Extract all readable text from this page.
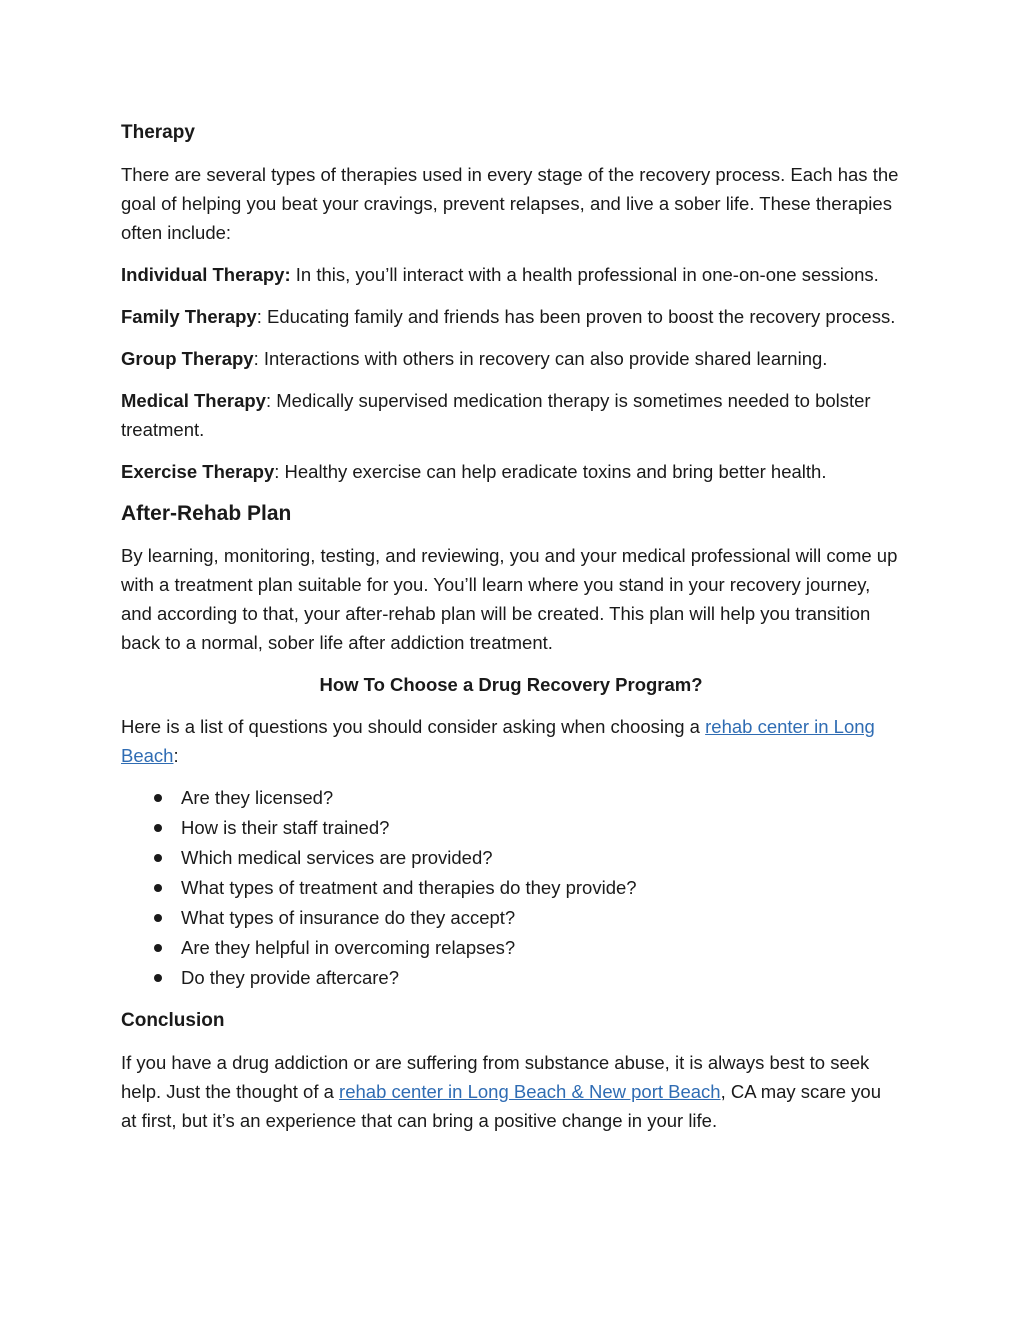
Therapy

There are several types of therapies used in every stage of the recovery process. Each has the goal of helping you beat your cravings, prevent relapses, and live a sober life. These therapies often include:

Individual Therapy: In this, you’ll interact with a health professional in one-on-one sessions.

Family Therapy: Educating family and friends has been proven to boost the recovery process.

Group Therapy: Interactions with others in recovery can also provide shared learning.

Medical Therapy: Medically supervised medication therapy is sometimes needed to bolster treatment.

Exercise Therapy: Healthy exercise can help eradicate toxins and bring better health.

After-Rehab Plan

By learning, monitoring, testing, and reviewing, you and your medical professional will come up with a treatment plan suitable for you. You’ll learn where you stand in your recovery journey, and according to that, your after-rehab plan will be created. This plan will help you transition back to a normal, sober life after addiction treatment.

How To Choose a Drug Recovery Program?

Here is a list of questions you should consider asking when choosing a rehab center in Long Beach:

Are they licensed?
How is their staff trained?
Which medical services are provided?
What types of treatment and therapies do they provide?
What types of insurance do they accept?
Are they helpful in overcoming relapses?
Do they provide aftercare?
Conclusion

If you have a drug addiction or are suffering from substance abuse, it is always best to seek help. Just the thought of a rehab center in Long Beach & New port Beach, CA may scare you at first, but it’s an experience that can bring a positive change in your life.
